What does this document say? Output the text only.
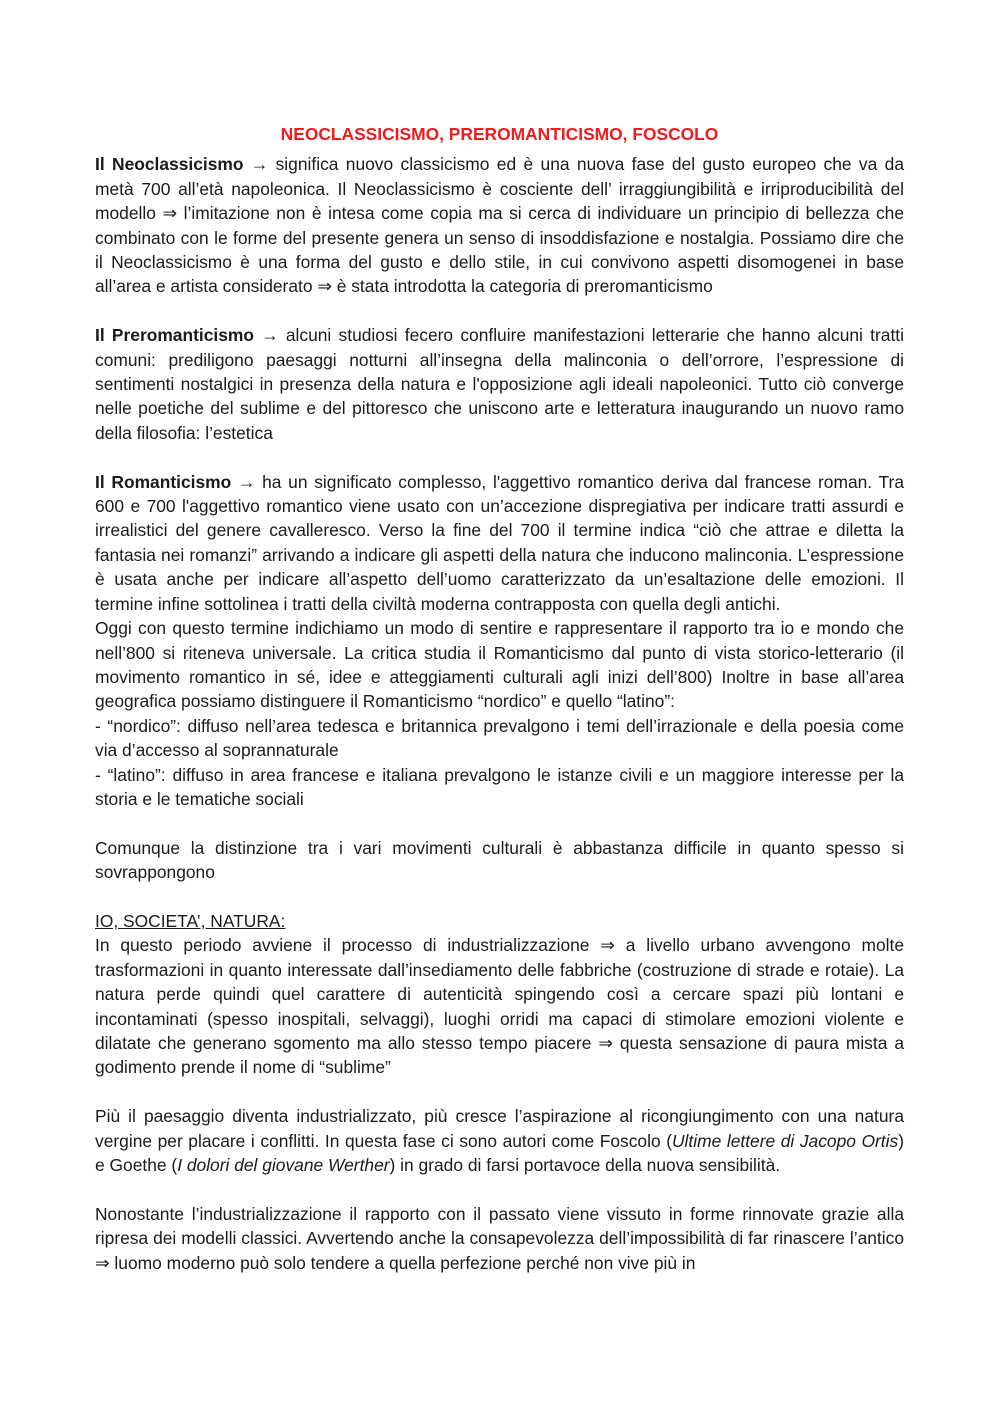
NEOCLASSICISMO, PREROMANTICISMO, FOSCOLO

Il Neoclassicismo → significa nuovo classicismo ed è una nuova fase del gusto europeo che va da metà 700 all’età napoleonica. Il Neoclassicismo è cosciente dell’ irraggiungibilità e irriproducibilità del modello ⇒ l’imitazione non è intesa come copia ma si cerca di individuare un principio di bellezza che combinato con le forme del presente genera un senso di insoddisfazione e nostalgia. Possiamo dire che il Neoclassicismo è una forma del gusto e dello stile, in cui convivono aspetti disomogenei in base all’area e artista considerato ⇒ è stata introdotta la categoria di preromanticismo

Il Preromanticismo → alcuni studiosi fecero confluire manifestazioni letterarie che hanno alcuni tratti comuni: prediligono paesaggi notturni all’insegna della malinconia o dell’orrore, l’espressione di sentimenti nostalgici in presenza della natura e l'opposizione agli ideali napoleonici. Tutto ciò converge nelle poetiche del sublime e del pittoresco che uniscono arte e letteratura inaugurando un nuovo ramo della filosofia: l’estetica

Il Romanticismo → ha un significato complesso, l'aggettivo romantico deriva dal francese roman. Tra 600 e 700 l'aggettivo romantico viene usato con un’accezione dispregiativa per indicare tratti assurdi e irrealistici del genere cavalleresco. Verso la fine del 700 il termine indica “ciò che attrae e diletta la fantasia nei romanzi” arrivando a indicare gli aspetti della natura che inducono malinconia. L’espressione è usata anche per indicare all’aspetto dell’uomo caratterizzato da un’esaltazione delle emozioni. Il termine infine sottolinea i tratti della civiltà moderna contrapposta con quella degli antichi.

Oggi con questo termine indichiamo un modo di sentire e rappresentare il rapporto tra io e mondo che nell’800 si riteneva universale. La critica studia il Romanticismo dal punto di vista storico-letterario (il movimento romantico in sé, idee e atteggiamenti culturali agli inizi dell’800) Inoltre in base all’area geografica possiamo distinguere il Romanticismo “nordico” e quello “latino”:

- “nordico”: diffuso nell’area tedesca e britannica prevalgono i temi dell’irrazionale e della poesia come via d’accesso al soprannaturale

- “latino”: diffuso in area francese e italiana prevalgono le istanze civili e un maggiore interesse per la storia e le tematiche sociali

Comunque la distinzione tra i vari movimenti culturali è abbastanza difficile in quanto spesso si sovrappongono

IO, SOCIETA’, NATURA:

In questo periodo avviene il processo di industrializzazione ⇒ a livello urbano avvengono molte trasformazioni in quanto interessate dall’insediamento delle fabbriche (costruzione di strade e rotaie). La natura perde quindi quel carattere di autenticità spingendo così a cercare spazi più lontani e incontaminati (spesso inospitali, selvaggi), luoghi orridi ma capaci di stimolare emozioni violente e dilatate che generano sgomento ma allo stesso tempo piacere ⇒ questa sensazione di paura mista a godimento prende il nome di “sublime”

Più il paesaggio diventa industrializzato, più cresce l’aspirazione al ricongiungimento con una natura vergine per placare i conflitti. In questa fase ci sono autori come Foscolo (Ultime lettere di Jacopo Ortis) e Goethe (I dolori del giovane Werther) in grado di farsi portavoce della nuova sensibilità.

Nonostante l’industrializzazione il rapporto con il passato viene vissuto in forme rinnovate grazie alla ripresa dei modelli classici. Avvertendo anche la consapevolezza dell’impossibilità di far rinascere l’antico ⇒ luomo moderno può solo tendere a quella perfezione perché non vive più in
